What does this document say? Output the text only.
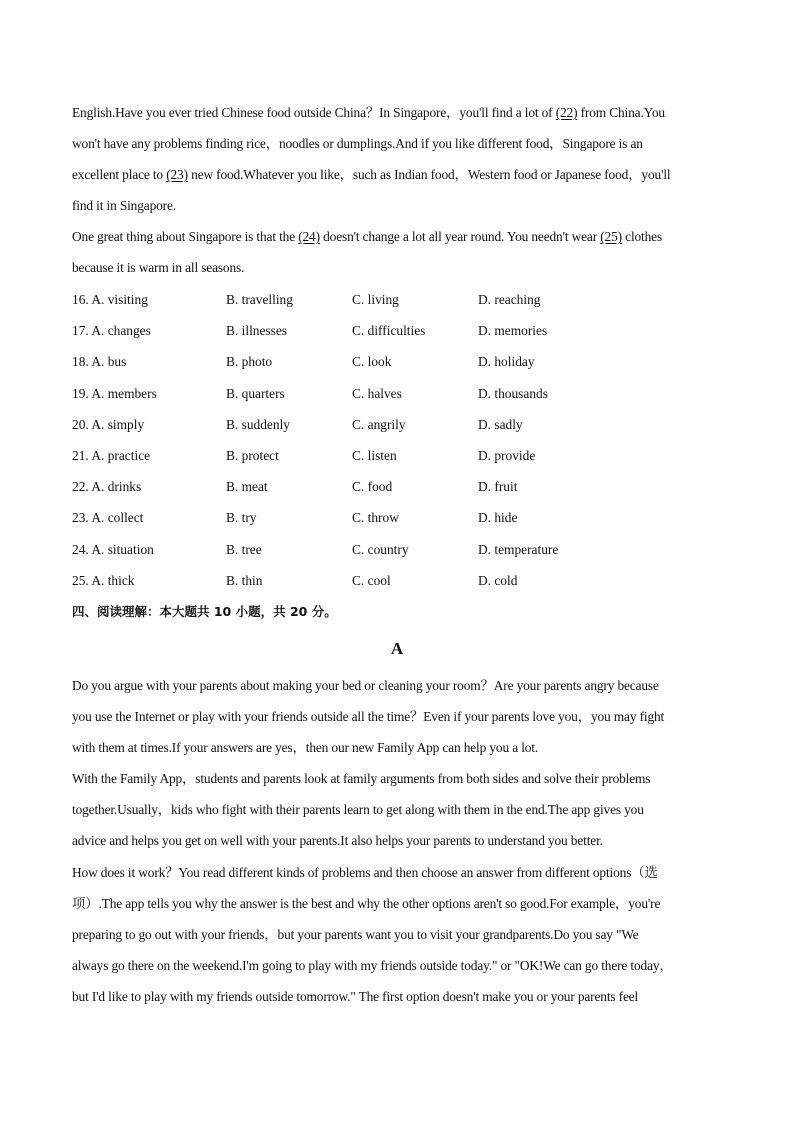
English.Have you ever tried Chinese food outside China？In Singapore，you'll find a lot of (22) from China.You
won't have any problems finding rice，noodles or dumplings.And if you like different food，Singapore is an
excellent place to (23) new food.Whatever you like，such as Indian food，Western food or Japanese food，you'll
find it in Singapore.
One great thing about Singapore is that the (24) doesn't change a lot all year round. You needn't wear (25) clothes
because it is warm in all seasons.
16. A. visiting	B. travelling	C. living	D. reaching
17. A. changes	B. illnesses	C. difficulties	D. memories
18. A. bus	B. photo	C. look	D. holiday
19. A. members	B. quarters	C. halves	D. thousands
20. A. simply	B. suddenly	C. angrily	D. sadly
21. A. practice	B. protect	C. listen	D. provide
22. A. drinks	B. meat	C. food	D. fruit
23. A. collect	B. try	C. throw	D. hide
24. A. situation	B. tree	C. country	D. temperature
25. A. thick	B. thin	C. cool	D. cold
四、阅读理解：本大题共 10 小题，共 20 分。
A
Do you argue with your parents about making your bed or cleaning your room？Are your parents angry because
you use the Internet or play with your friends outside all the time？Even if your parents love you，you may fight
with them at times.If your answers are yes，then our new Family App can help you a lot.
With the Family App，students and parents look at family arguments from both sides and solve their problems
together.Usually，kids who fight with their parents learn to get along with them in the end.The app gives you
advice and helps you get on well with your parents.It also helps your parents to understand you better.
How does it work？You read different kinds of problems and then choose an answer from different options（选
项）.The app tells you why the answer is the best and why the other options aren't so good.For example，you're
preparing to go out with your friends，but your parents want you to visit your grandparents.Do you say "We
always go there on the weekend.I'm going to play with my friends outside today." or "OK!We can go there today，
but I'd like to play with my friends outside tomorrow." The first option doesn't make you or your parents feel
